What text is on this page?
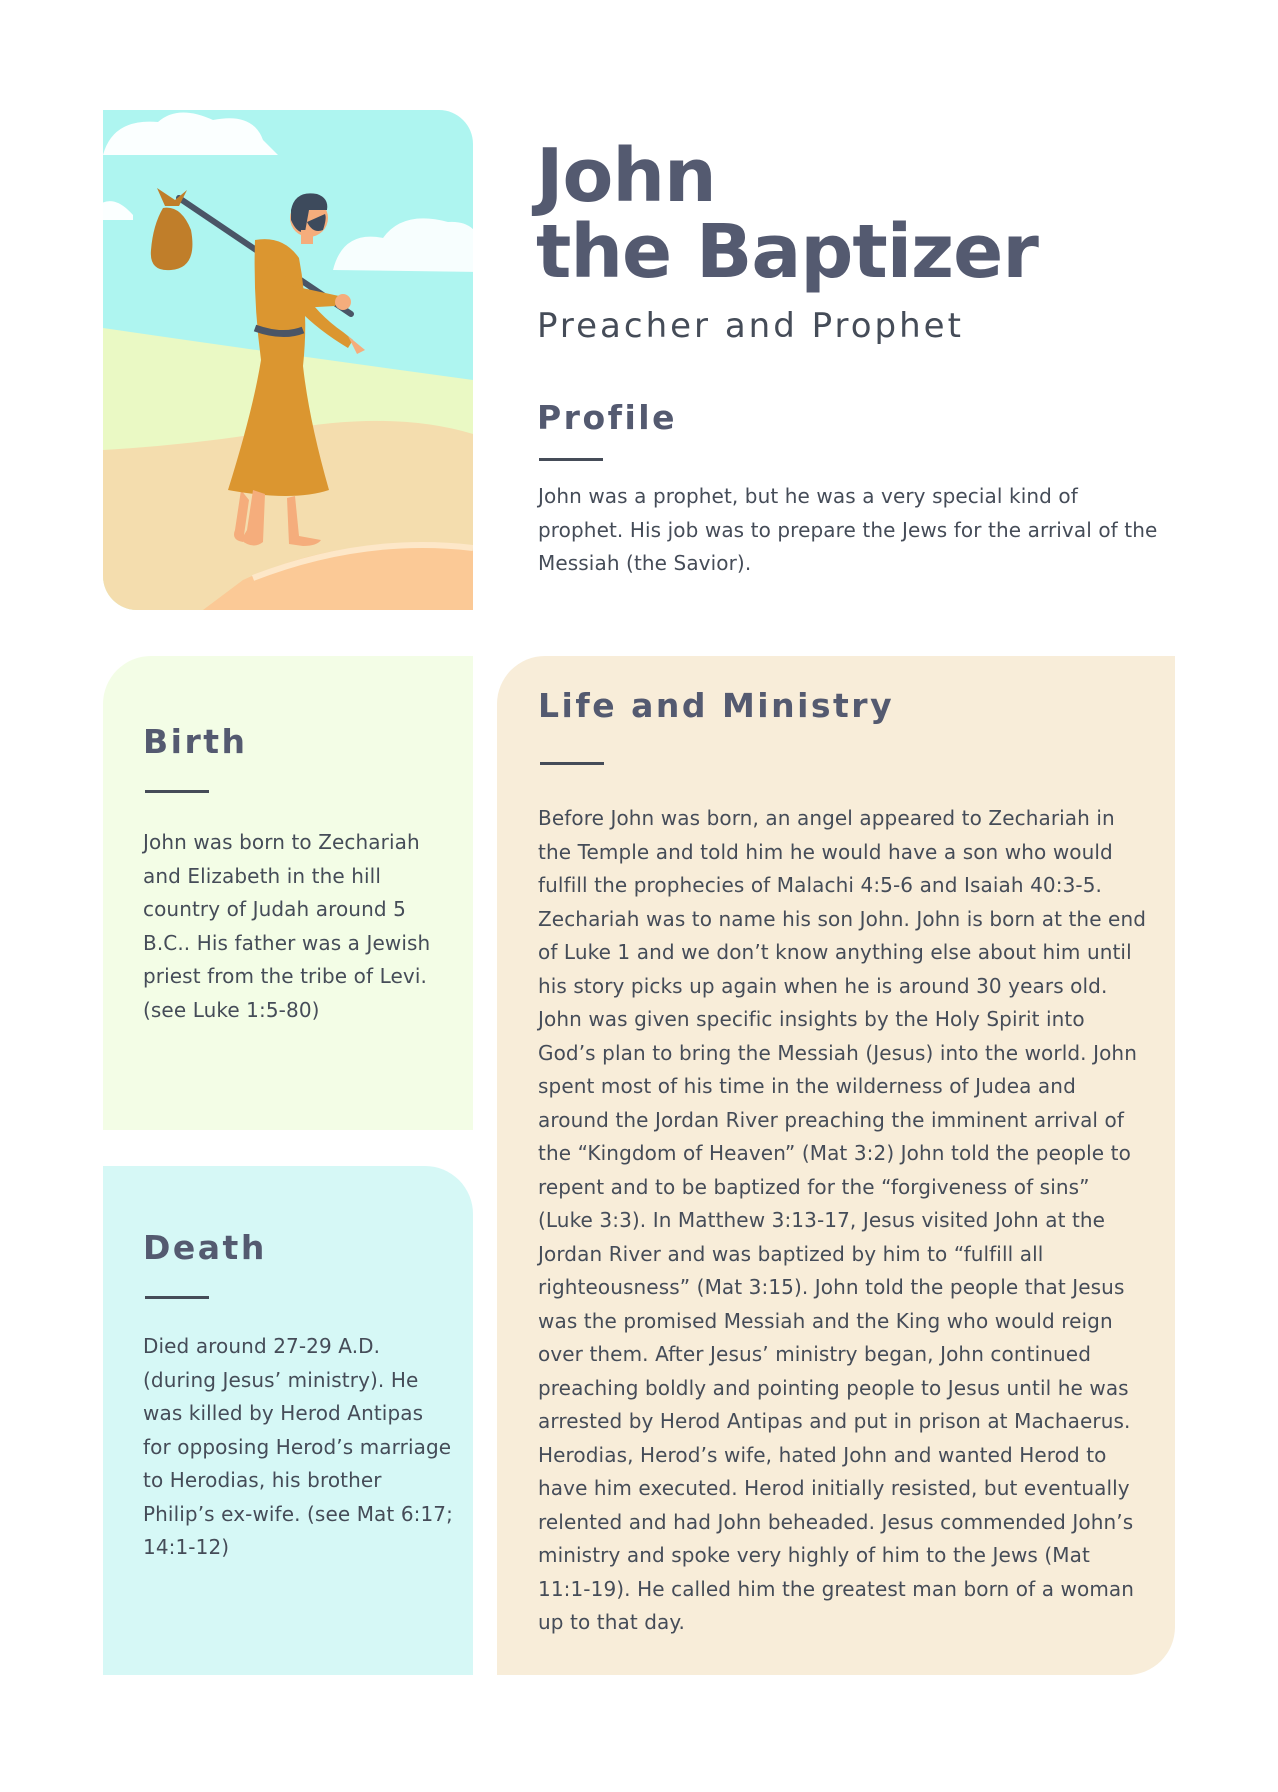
John
the Baptizer
Preacher and Prophet
Profile

John was a prophet, but he was a very special kind of prophet. His job was to prepare the Jews for the arrival of the Messiah (the Savior).

Birth

John was born to Zechariah and Elizabeth in the hill country of Judah around 5 B.C.. His father was a Jewish priest from the tribe of Levi. (see Luke 1:5-80)

Death

Died around 27-29 A.D. (during Jesus’ ministry). He was killed by Herod Antipas for opposing Herod’s marriage to Herodias, his brother Philip’s ex-wife. (see Mat 6:17; 14:1-12)

Life and Ministry

Before John was born, an angel appeared to Zechariah in the Temple and told him he would have a son who would fulfill the prophecies of Malachi 4:5-6 and Isaiah 40:3-5. Zechariah was to name his son John. John is born at the end of Luke 1 and we don’t know anything else about him until his story picks up again when he is around 30 years old. John was given specific insights by the Holy Spirit into God’s plan to bring the Messiah (Jesus) into the world. John spent most of his time in the wilderness of Judea and around the Jordan River preaching the imminent arrival of the “Kingdom of Heaven” (Mat 3:2) John told the people to repent and to be baptized for the “forgiveness of sins” (Luke 3:3). In Matthew 3:13-17, Jesus visited John at the Jordan River and was baptized by him to “fulfill all righteousness” (Mat 3:15). John told the people that Jesus was the promised Messiah and the King who would reign over them. After Jesus’ ministry began, John continued preaching boldly and pointing people to Jesus until he was arrested by Herod Antipas and put in prison at Machaerus. Herodias, Herod’s wife, hated John and wanted Herod to have him executed. Herod initially resisted, but eventually relented and had John beheaded. Jesus commended John’s ministry and spoke very highly of him to the Jews (Mat 11:1-19). He called him the greatest man born of a woman up to that day.
